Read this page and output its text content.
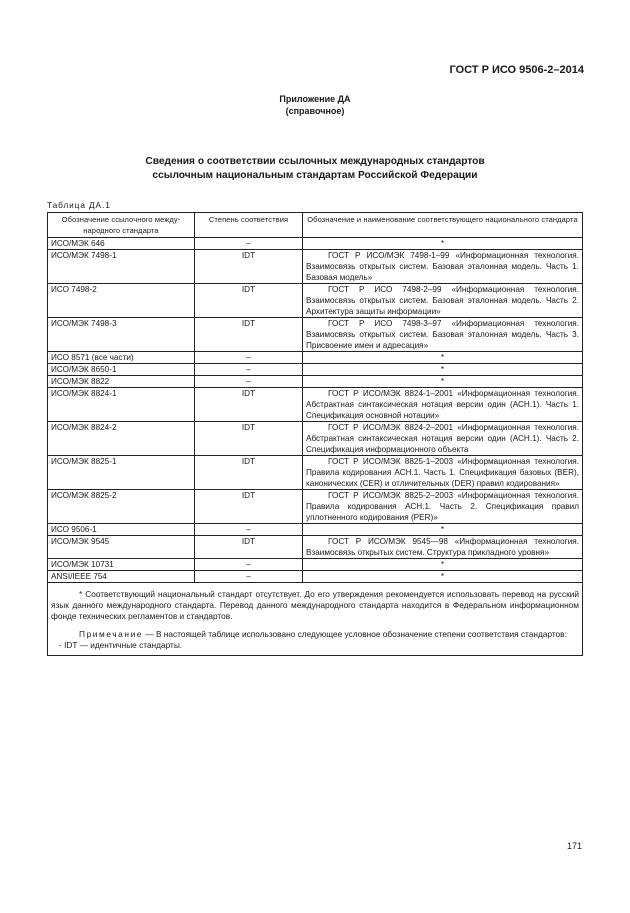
ГОСТ Р ИСО 9506-2–2014
Приложение ДА
(справочное)
Сведения о соответствии ссылочных международных стандартов
ссылочным национальным стандартам Российской Федерации
Таблица ДА.1
Обозначение ссылочного между-народного стандарта	Степень соответствия	Обозначение и наименование соответствующего национального стандарта
ИСО/МЭК 646	–	*
ИСО/МЭК 7498-1	IDT	ГОСТ Р ИСО/МЭК 7498-1–99 «Информационная технология. Взаимосвязь открытых систем. Базовая эталонная модель. Часть 1. Базовая модель»
ИСО 7498-2	IDT	ГОСТ Р ИСО 7498-2–99 «Информационная технология. Взаимосвязь открытых систем. Базовая эталонная модель. Часть 2. Архитектура защиты информации»
ИСО/МЭК 7498-3	IDT	ГОСТ Р ИСО 7498-3–97 «Информационная технология. Взаимосвязь открытых систем. Базовая эталонная модель. Часть 3. Присвоение имен и адресация»
ИСО 8571 (все части)	–	*
ИСО/МЭК 8650-1	–	*
ИСО/МЭК 8822	–	*
ИСО/МЭК 8824-1	IDT	ГОСТ Р ИСО/МЭК 8824-1–2001 «Информационная технология. Абстрактная синтаксическая нотация версии один (АСН.1). Часть 1. Спецификация основной нотации»
ИСО/МЭК 8824-2	IDT	ГОСТ Р ИСО/МЭК 8824-2–2001 «Информационная технология. Абстрактная синтаксическая нотация версии один (АСН.1). Часть 2. Спецификация информационного объекта
ИСО/МЭК 8825-1	IDT	ГОСТ Р ИСО/МЭК 8825-1–2003 «Информационная технология. Правила кодирования АСН.1. Часть 1. Спецификация базовых (BER), канонических (CER) и отличительных (DER) правил кодирования»
ИСО/МЭК 8825-2	IDT	ГОСТ Р ИСО/МЭК 8825-2–2003 «Информационная технология. Правила кодирования АСН.1. Часть 2. Спецификация правил уплотненного кодирования (PER)»
ИСО 9506-1	–	*
ИСО/МЭК 9545	IDT	ГОСТ Р ИСО/МЭК 9545—98 «Информационная технология. Взаимосвязь открытых систем. Структура прикладного уровня»
ИСО/МЭК 10731	–	*
ANSI/IEEE 754	–	*

* Соответствующий национальный стандарт отсутствует. До его утверждения рекомендуется использовать перевод на русский язык данного международного стандарта. Перевод данного международного стандарта находится в Федеральном информационном фонде технических регламентов и стандартов.

Примечание — В настоящей таблице использовано следующее условное обозначение степени соответствия стандартов:

- IDT — идентичные стандарты.		

171
